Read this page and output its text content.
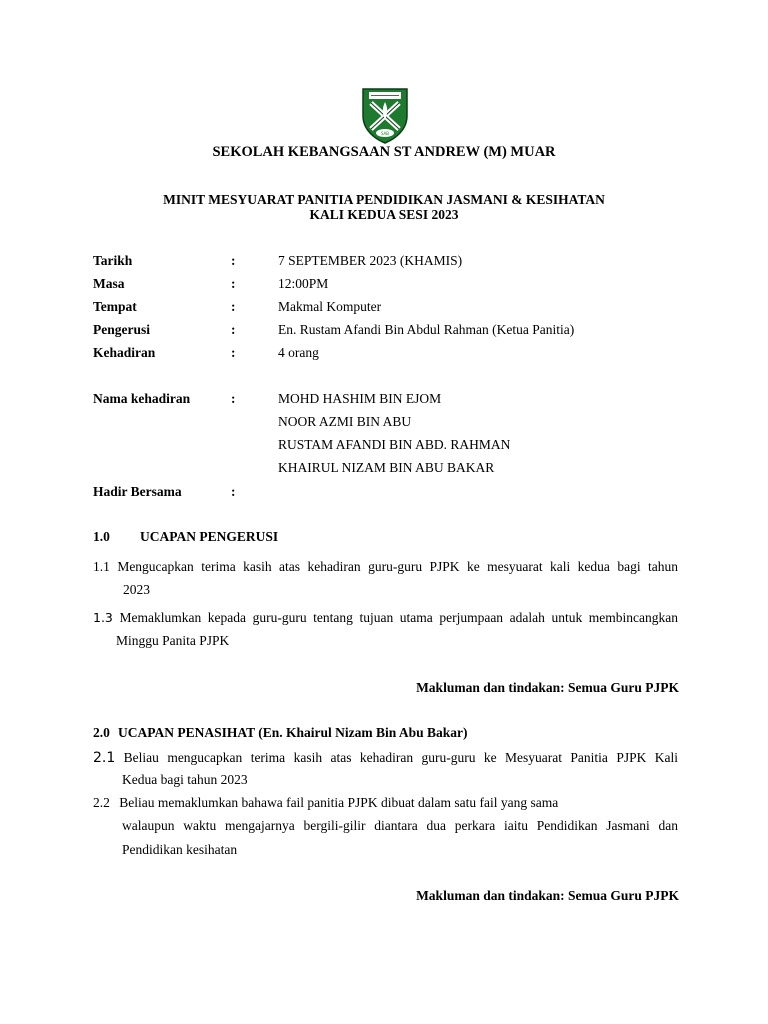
SAB
SEKOLAH KEBANGSAAN ST ANDREW (M) MUAR
MINIT MESYUARAT PANITIA PENDIDIKAN JASMANI & KESIHATAN
KALI KEDUA SESI 2023
Tarikh	:	7 SEPTEMBER 2023 (KHAMIS)
Masa	:	12:00PM
Tempat	:	Makmal Komputer
Pengerusi	:	En. Rustam Afandi Bin Abdul Rahman (Ketua Panitia)
Kehadiran	:	4 orang
Nama kehadiran	:	MOHD HASHIM BIN EJOM
NOOR AZMI BIN ABU
RUSTAM AFANDI BIN ABD. RAHMAN
KHAIRUL NIZAM BIN ABU BAKAR
Hadir Bersama	:
1.0 UCAPAN PENGERUSI
1.1 Mengucapkan terima kasih atas kehadiran guru-guru PJPK ke mesyuarat kali kedua bagi tahun
2023
1.3 Memaklumkan kepada guru-guru tentang tujuan utama perjumpaan adalah untuk membincangkan
Minggu Panita PJPK
Makluman dan tindakan: Semua Guru PJPK
2.0 UCAPAN PENASIHAT (En. Khairul Nizam Bin Abu Bakar)
2.1 Beliau mengucapkan terima kasih atas kehadiran guru-guru ke Mesyuarat Panitia PJPK Kali
Kedua bagi tahun 2023
2.2 Beliau memaklumkan bahawa fail panitia PJPK dibuat dalam satu fail yang sama
walaupun waktu mengajarnya bergili-gilir diantara dua perkara iaitu Pendidikan Jasmani dan
Pendidikan kesihatan
Makluman dan tindakan: Semua Guru PJPK
